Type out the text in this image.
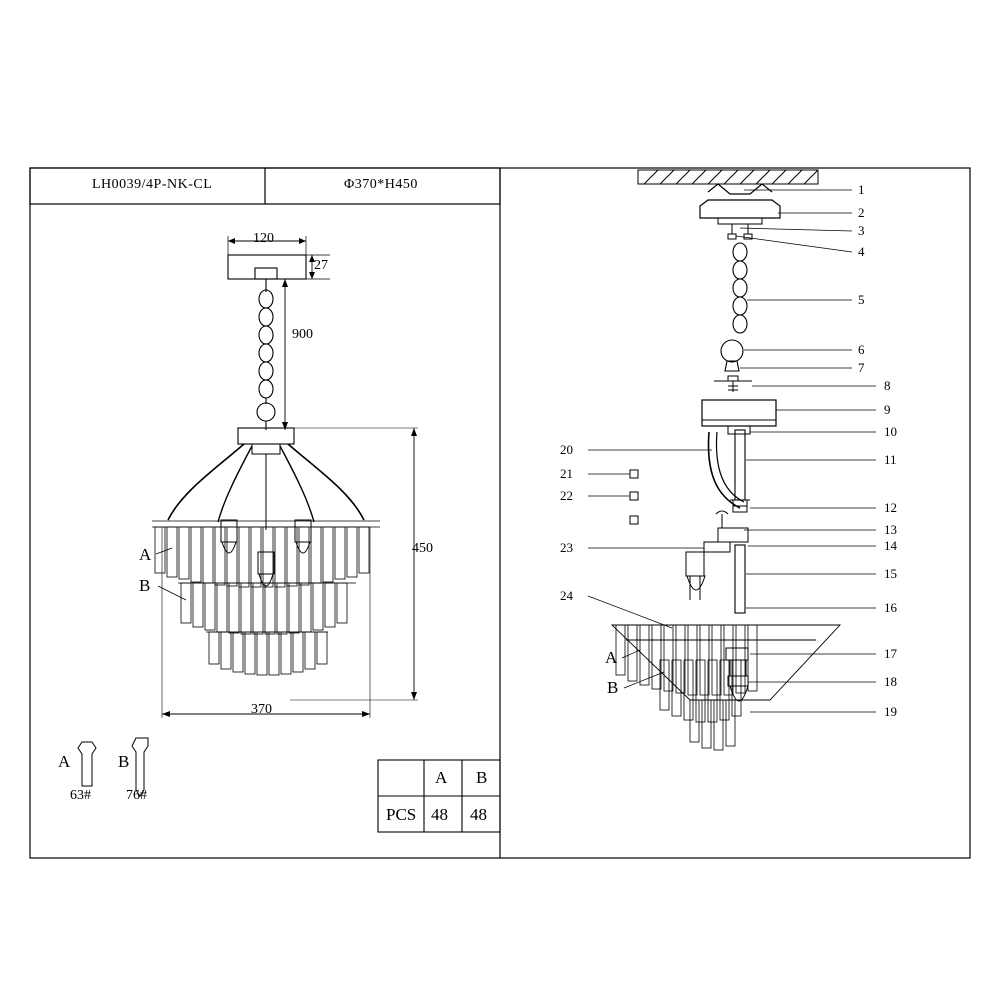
LH0039/4P-NK-CL	Φ370*H450
120
27
900
450
370
A
B
A
63#
B
76#
A B
PCS 48 48
1
2
3
4
5
6
7
8
9
10
11
12
13
14
15
16
17
18
19
20
21
22
23
24
A
B
